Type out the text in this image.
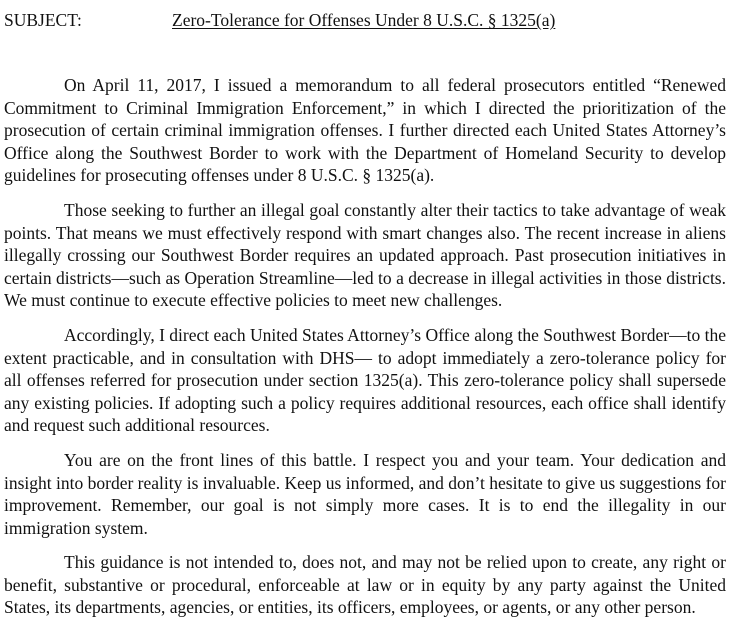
SUBJECT:	Zero-Tolerance for Offenses Under 8 U.S.C. § 1325(a)

On April 11, 2017, I issued a memorandum to all federal prosecutors entitled “Renewed Commitment to Criminal Immigration Enforcement,” in which I directed the prioritization of the prosecution of certain criminal immigration offenses. I further directed each United States Attorney’s Office along the Southwest Border to work with the Department of Homeland Security to develop guidelines for prosecuting offenses under 8 U.S.C. § 1325(a).

Those seeking to further an illegal goal constantly alter their tactics to take advantage of weak points. That means we must effectively respond with smart changes also. The recent increase in aliens illegally crossing our Southwest Border requires an updated approach. Past prosecution initiatives in certain districts—such as Operation Streamline—led to a decrease in illegal activities in those districts. We must continue to execute effective policies to meet new challenges.

Accordingly, I direct each United States Attorney’s Office along the Southwest Border—to the extent practicable, and in consultation with DHS— to adopt immediately a zero-tolerance policy for all offenses referred for prosecution under section 1325(a). This zero-tolerance policy shall supersede any existing policies. If adopting such a policy requires additional resources, each office shall identify and request such additional resources.

You are on the front lines of this battle. I respect you and your team. Your dedication and insight into border reality is invaluable. Keep us informed, and don’t hesitate to give us suggestions for improvement. Remember, our goal is not simply more cases. It is to end the illegality in our immigration system.

This guidance is not intended to, does not, and may not be relied upon to create, any right or benefit, substantive or procedural, enforceable at law or in equity by any party against the United States, its departments, agencies, or entities, its officers, employees, or agents, or any other person.
